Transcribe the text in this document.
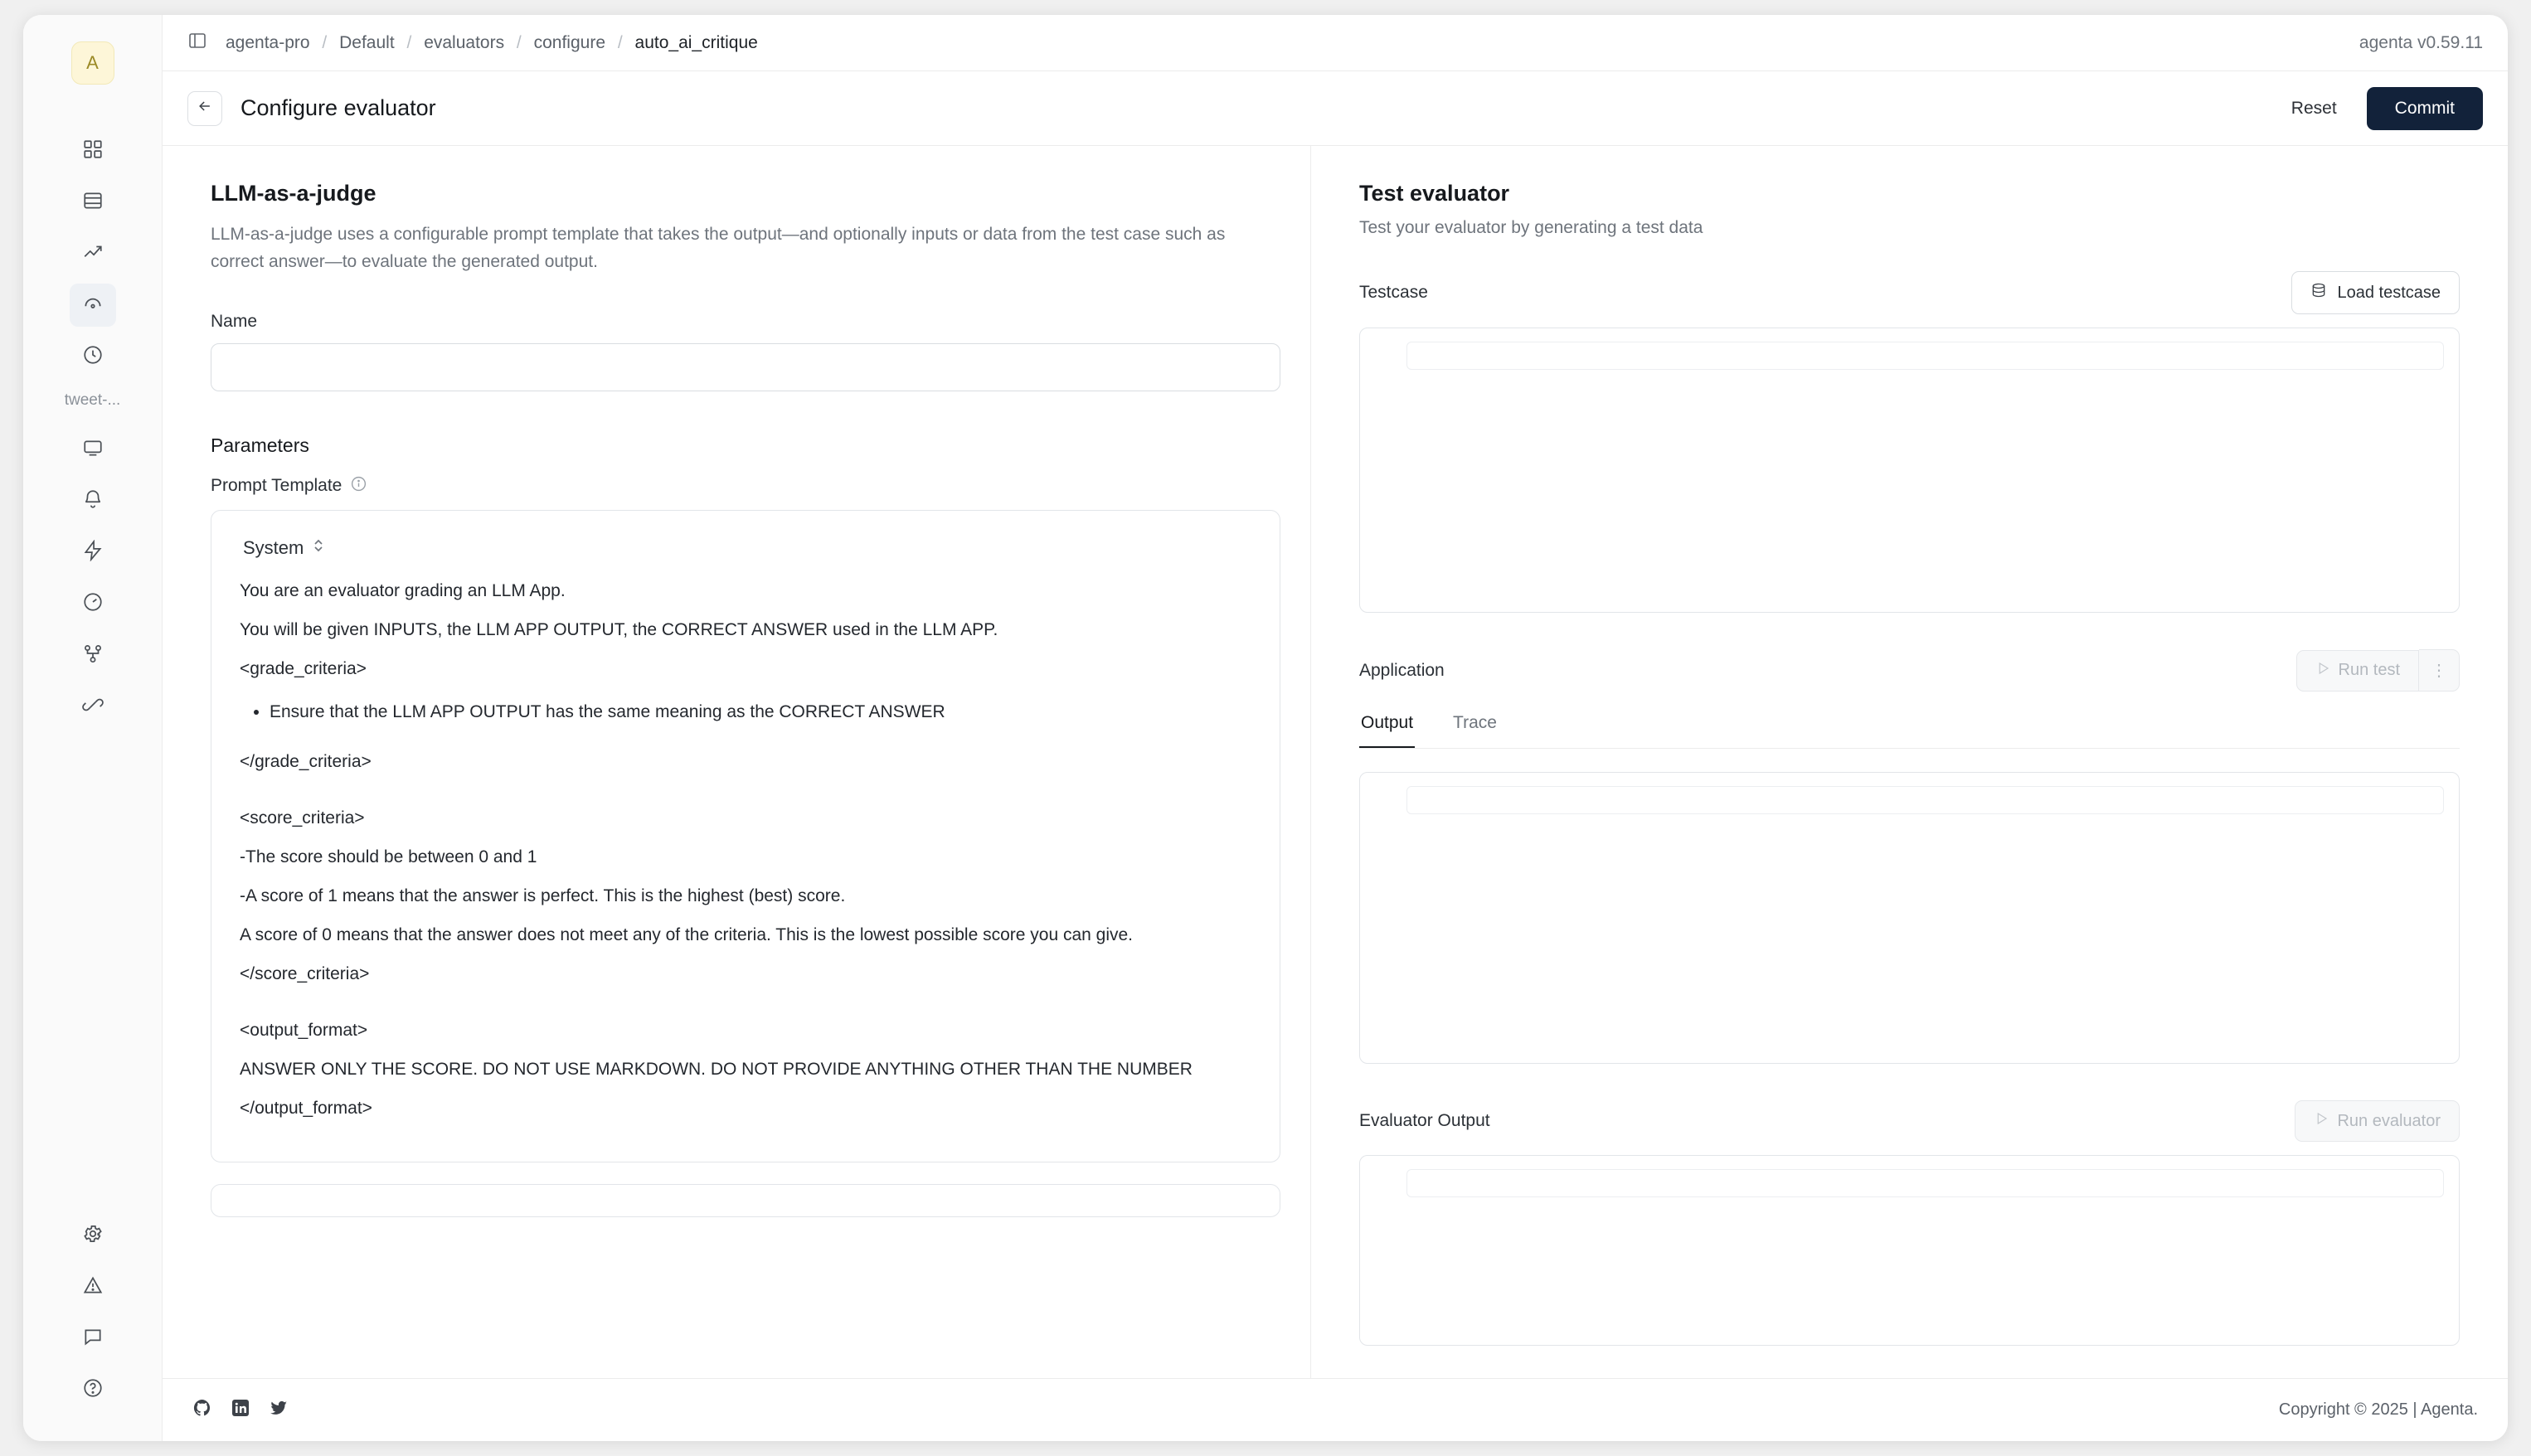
A
tweet-...
agenta-pro / Default / evaluators / configure / auto_ai_critique	agenta v0.59.11
Configure evaluator	Reset	Commit
LLM-as-a-judge

LLM-as-a-judge uses a configurable prompt template that takes the output—and optionally inputs or data from the test case such as correct answer—to evaluate the generated output.

Name
Parameters
Prompt Template
System

You are an evaluator grading an LLM App.

You will be given INPUTS, the LLM APP OUTPUT, the CORRECT ANSWER used in the LLM APP.

<grade_criteria>

• Ensure that the LLM APP OUTPUT has the same meaning as the CORRECT ANSWER

</grade_criteria>

<score_criteria>

-The score should be between 0 and 1

-A score of 1 means that the answer is perfect. This is the highest (best) score.

A score of 0 means that the answer does not meet any of the criteria. This is the lowest possible score you can give.

</score_criteria>

<output_format>

ANSWER ONLY THE SCORE. DO NOT USE MARKDOWN. DO NOT PROVIDE ANYTHING OTHER THAN THE NUMBER

</output_format>

Test evaluator

Test your evaluator by generating a test data

Testcase	Load testcase
Application	Run test	⋮
Output Trace
Evaluator Output	Run evaluator
Copyright © 2025 | Agenta.
